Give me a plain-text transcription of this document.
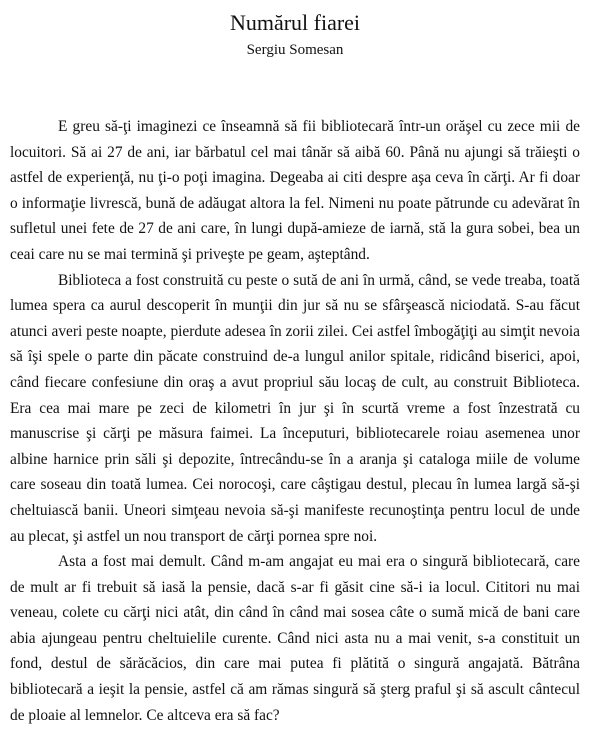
Numărul fiarei
Sergiu Somesan

E greu să-ţi imaginezi ce înseamnă să fii bibliotecară într-un orăşel cu zece mii de locuitori. Să ai 27 de ani, iar bărbatul cel mai tânăr să aibă 60. Până nu ajungi să trăieşti o astfel de experienţă, nu ţi-o poţi imagina. Degeaba ai citi despre aşa ceva în cărţi. Ar fi doar o informaţie livrescă, bună de adăugat altora la fel. Nimeni nu poate pătrunde cu adevărat în sufletul unei fete de 27 de ani care, în lungi după-amieze de iarnă, stă la gura sobei, bea un ceai care nu se mai termină şi priveşte pe geam, aşteptând.

Biblioteca a fost construită cu peste o sută de ani în urmă, când, se vede treaba, toată lumea spera ca aurul descoperit în munţii din jur să nu se sfârşească niciodată. S-au făcut atunci averi peste noapte, pierdute adesea în zorii zilei. Cei astfel îmbogăţiţi au simţit nevoia să îşi spele o parte din păcate construind de-a lungul anilor spitale, ridicând biserici, apoi, când fiecare confesiune din oraş a avut propriul său locaş de cult, au construit Biblioteca. Era cea mai mare pe zeci de kilometri în jur şi în scurtă vreme a fost înzestrată cu manuscrise şi cărţi pe măsura faimei. La începuturi, bibliotecarele roiau asemenea unor albine harnice prin săli şi depozite, întrecându-se în a aranja şi cataloga miile de volume care soseau din toată lumea. Cei norocoşi, care câştigau destul, plecau în lumea largă să-şi cheltuiască banii. Uneori simţeau nevoia să-şi manifeste recunoştinţa pentru locul de unde au plecat, şi astfel un nou transport de cărţi pornea spre noi.

Asta a fost mai demult. Când m-am angajat eu mai era o singură bibliotecară, care de mult ar fi trebuit să iasă la pensie, dacă s-ar fi găsit cine să-i ia locul. Cititori nu mai veneau, colete cu cărţi nici atât, din când în când mai sosea câte o sumă mică de bani care abia ajungeau pentru cheltuielile curente. Când nici asta nu a mai venit, s-a constituit un fond, destul de sărăcăcios, din care mai putea fi plătită o singură angajată. Bătrâna bibliotecară a ieşit la pensie, astfel că am rămas singură să şterg praful şi să ascult cântecul de ploaie al lemnelor. Ce altceva era să fac?
